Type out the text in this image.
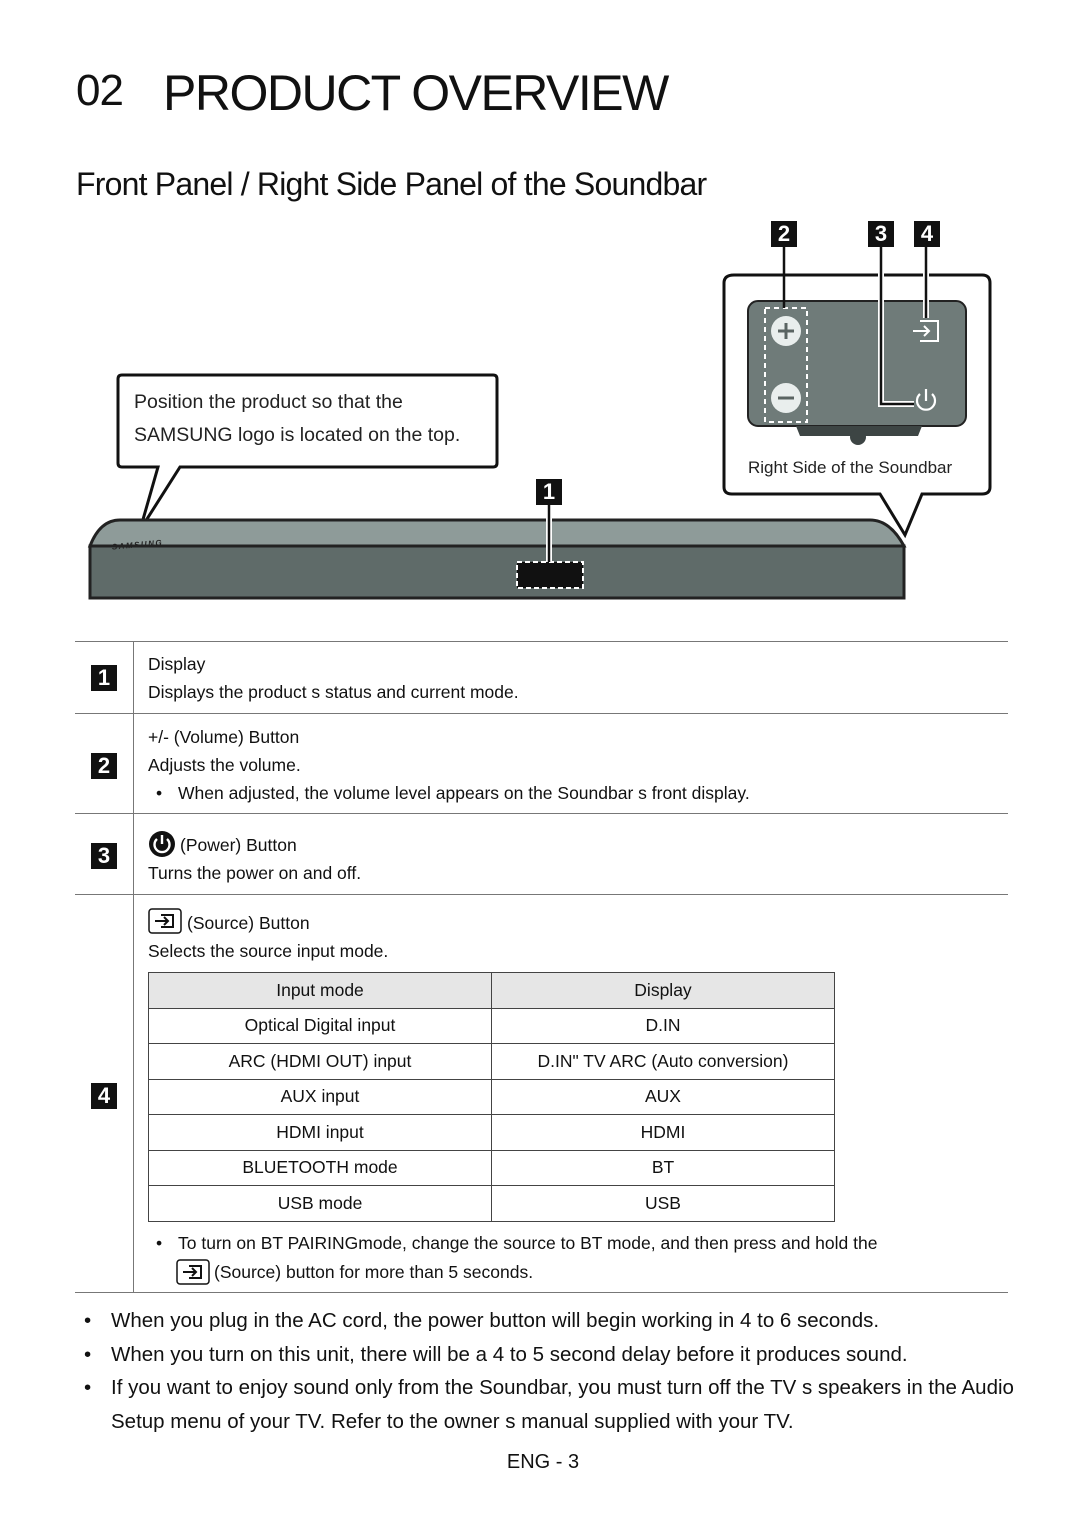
02 PRODUCT OVERVIEW
Front Panel / Right Side Panel of the Soundbar
SAMSUNG
2	3	4
1
Position the product so that the
SAMSUNG logo is located on the top.
Right Side of the Soundbar
1
Display
Displays the product s status and current mode.
2
+/- (Volume) Button
Adjusts the volume.
• When adjusted, the volume level appears on the Soundbar s front display.
3	(Power) Button
Turns the power on and off.
4
(Source) Button
Selects the source input mode.
Input mode	Display
Optical Digital input	D.IN
ARC (HDMI OUT) input	D.IN" TV ARC (Auto conversion)
AUX input	AUX
HDMI input	HDMI
BLUETOOTH mode	BT
USB mode	USB
• To turn on BT PAIRINGmode, change the source to BT mode, and then press and hold the
(Source) button for more than 5 seconds.
• When you plug in the AC cord, the power button will begin working in 4 to 6 seconds.
• When you turn on this unit, there will be a 4 to 5 second delay before it produces sound.
• If you want to enjoy sound only from the Soundbar, you must turn off the TV s speakers in the Audio Setup menu of your TV. Refer to the owner s manual supplied with your TV.
ENG - 3
